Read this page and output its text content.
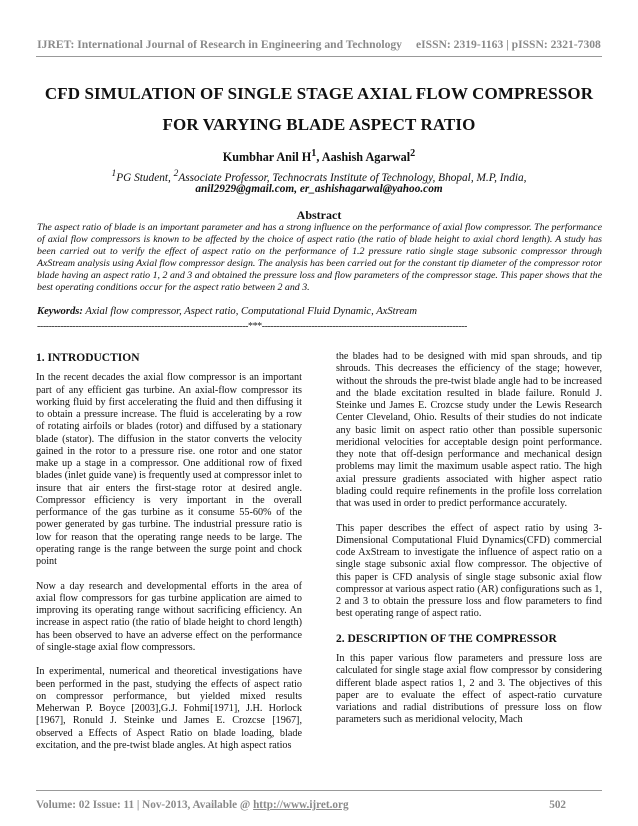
IJRET: International Journal of Research in Engineering and Technology eISSN: 2319-1163 | pISSN: 2321-7308
CFD SIMULATION OF SINGLE STAGE AXIAL FLOW COMPRESSOR
FOR VARYING BLADE ASPECT RATIO
Kumbhar Anil $H^1$, Aashish Agarwal$^2$
$^1$PG Student, $^2$Associate Professor, Technocrats Institute of Technology, Bhopal, M.P, India,
anil2929@gmail.com, er_ashishagarwal@yahoo.com
Abstract
The aspect ratio of blade is an important parameter and has a strong influence on the performance of axial flow compressor. The performance of axial flow compressors is known to be affected by the choice of aspect ratio (the ratio of blade height to axial chord length). A study has been carried out to verify the effect of aspect ratio on the performance of 1.2 pressure ratio single stage subsonic compressor through AxStream analysis using Axial flow compressor design. The analysis has been carried out for the constant tip diameter of the compressor rotor blade having an aspect ratio 1, 2 and 3 and obtained the pressure loss and flow parameters of the compressor stage. This paper shows that the best operating conditions occur for the aspect ratio between 2 and 3.
Keywords: Axial flow compressor, Aspect ratio, Computational Fluid Dynamic, AxStream
------------------------------------------------------------------------***----------------------------------------------------------------------
1. INTRODUCTION

In the recent decades the axial flow compressor is an important part of any efficient gas turbine. An axial-flow compressor its working fluid by first accelerating the fluid and then diffusing it to obtain a pressure increase. The fluid is accelerating by a row of rotating airfoils or blades (rotor) and diffused by a stationary blade (stator). The diffusion in the stator converts the velocity gained in the rotor to a pressure rise. one rotor and one stator make up a stage in a compressor. One additional row of fixed blades (inlet guide vane) is frequently used at compressor inlet to insure that air enters the first-stage rotor at desired angle. Compressor efficiency is very important in the overall performance of the gas turbine as it consume 55-60% of the power generated by gas turbine. The industrial pressure ratio is low for reason that the operating range needs to be large. The operating range is the range between the surge point and chock point

Now a day research and developmental efforts in the area of axial flow compressors for gas turbine application are aimed to improving its operating range without sacrificing efficiency. An increase in aspect ratio (the ratio of blade height to chord length) has been observed to have an adverse effect on the performance of single-stage axial flow compressors.

In experimental, numerical and theoretical investigations have been performed in the past, studying the effects of aspect ratio on compressor performance, but yielded mixed results Meherwan P. Boyce [2003],G.J. Fohmi[1971], J.H. Horlock [1967], Ronuld J. Steinke und James E. Crozcse [1967], observed a Effects of Aspect Ratio on blade loading, blade excitation, and the pre-twist blade angles. At high aspect ratios

the blades had to be designed with mid span shrouds, and tip shrouds. This decreases the efficiency of the stage; however, without the shrouds the pre-twist blade angle had to be increased and the blade excitation resulted in blade failure. Ronuld J. Steinke und James E. Crozcse study under the Lewis Research Center Cleveland, Ohio. Results of their studies do not indicate any basic limit on aspect ratio other than possible supersonic meridional velocities for acceptable design point performance. they note that off-design performance and mechanical design problems may limit the maximum usable aspect ratio. The high axial pressure gradients associated with higher aspect ratio blading could require refinements in the profile loss correlation that was used in order to predict performance accurately.

This paper describes the effect of aspect ratio by using 3-Dimensional Computational Fluid Dynamics(CFD) commercial code AxStream to investigate the influence of aspect ratio on a single stage subsonic axial flow compressor. The objective of this paper is CFD analysis of single stage subsonic axial flow compressor at various aspect ratio (AR) configurations such as 1, 2 and 3 to obtain the pressure loss and flow parameters to find best operating range of aspect ratio.

2. DESCRIPTION OF THE COMPRESSOR

In this paper various flow parameters and pressure loss are calculated for single stage axial flow compressor by considering different blade aspect ratios 1, 2 and 3. The objectives of this paper are to evaluate the effect of aspect-ratio curvature variations and radial distributions of pressure loss on flow parameters such as meridional velocity, Mach

Volume: 02 Issue: 11 | Nov-2013, Available @ http://www.ijret.org	502
